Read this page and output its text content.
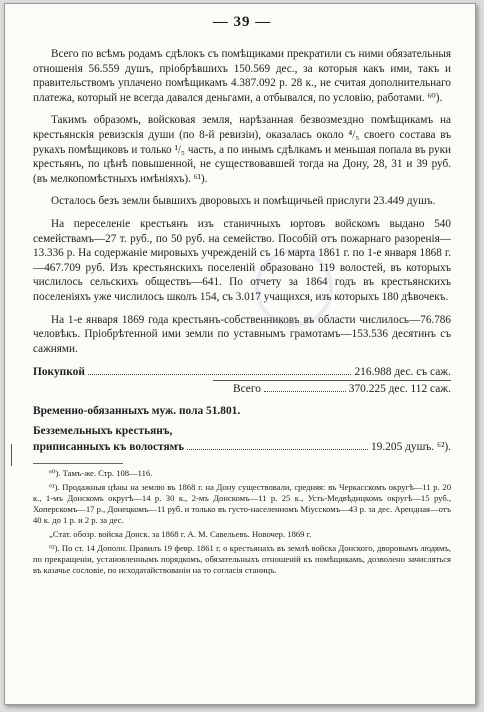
— 39 —

Всего по всѣмъ родамъ сдѣлокъ съ помѣщиками прекратили съ ними обязательныя отношенія 56.559 душъ, пріобрѣвшихъ 150.569 дес., за которыя какъ ими, такъ и правительствомъ уплачено помѣщикамъ 4.387.092 р. 28 к., не считая дополнительнаго платежа, который не всегда давался деньгами, а отбывался, по условію, работами. ⁶⁰).

Такимъ образомъ, войсковая земля, нарѣзанная безвозмездно помѣщикамъ на крестьянскія ревизскія души (по 8-й ревизіи), оказалась около ⁴/₅ своего состава въ рукахъ помѣщиковъ и только ¹/₅ часть, а по инымъ сдѣлкамъ и меньшая попала въ руки крестьянъ, по цѣнѣ повышенной, не существовавшей тогда на Дону, 28, 31 и 39 руб. (въ мелкопомѣстныхъ имѣніяхъ). ⁶¹).

Осталось безъ земли бывшихъ дворовыхъ и помѣщичьей прислуги 23.449 душъ.

На переселеніе крестьянъ изъ станичныхъ юртовъ войскомъ выдано 540 семействамъ—27 т. руб., по 50 руб. на семейство. Пособій отъ пожарнаго разоренія—13.336 р. На содержаніе мировыхъ учрежденій съ 16 марта 1861 г. по 1-е января 1868 г.—467.709 руб. Изъ крестьянскихъ поселеній образовано 119 волостей, въ которыхъ числилось сельскихъ обществъ—641. По отчету за 1864 годъ въ крестьянскихъ поселеніяхъ уже числилось школъ 154, съ 3.017 учащихся, изъ которыхъ 180 дѣвочекъ.

На 1-е января 1869 года крестьянъ-собственниковъ въ области числилось—76.786 человѣкъ. Пріобрѣтенной ими земли по уставнымъ грамотамъ—153.536 десятинъ съ сажнями.

Покупкой	216.988 дес. съ саж.
Всего	370.225 дес. 112 саж.
Временно-обязанныхъ муж. пола 51.801.
Безземельныхъ крестьянъ,
приписанныхъ къ волостямъ	19.205 душъ. ⁶²).

⁶⁰). Тамъ-же. Стр. 108—116.

⁶¹). Продажныя цѣны на землю въ 1868 г. на Дону существовали, средняя: въ Черкасскомъ округѣ—11 р. 20 к., 1-мъ Донскомъ округѣ—14 р. 30 к., 2-мъ Донскомъ—11 р. 25 к., Усть-Медвѣдицкомъ округѣ—15 руб., Хоперскомъ—17 р., Донецкомъ—11 руб. и только въ густо-населенномъ Міусскомъ—43 р. за дес. Арендная—отъ 40 к. до 1 р. и 2 р. за дес.

„Стат. обозр. войска Донск. за 1868 г. А. М. Савельевъ. Новочер. 1869 г.

⁶²). По ст. 14 Дополн. Правилъ 19 февр. 1861 г. о крестьянахъ въ землѣ войска Донского, дворовымъ людямъ, по прекращеніи, установленнымъ порядкомъ, обязательныхъ отношеній къ помѣщикамъ, дозволено зачисляться въ казачье сословіе, по исходатайствованіи на то согласія станицъ.
